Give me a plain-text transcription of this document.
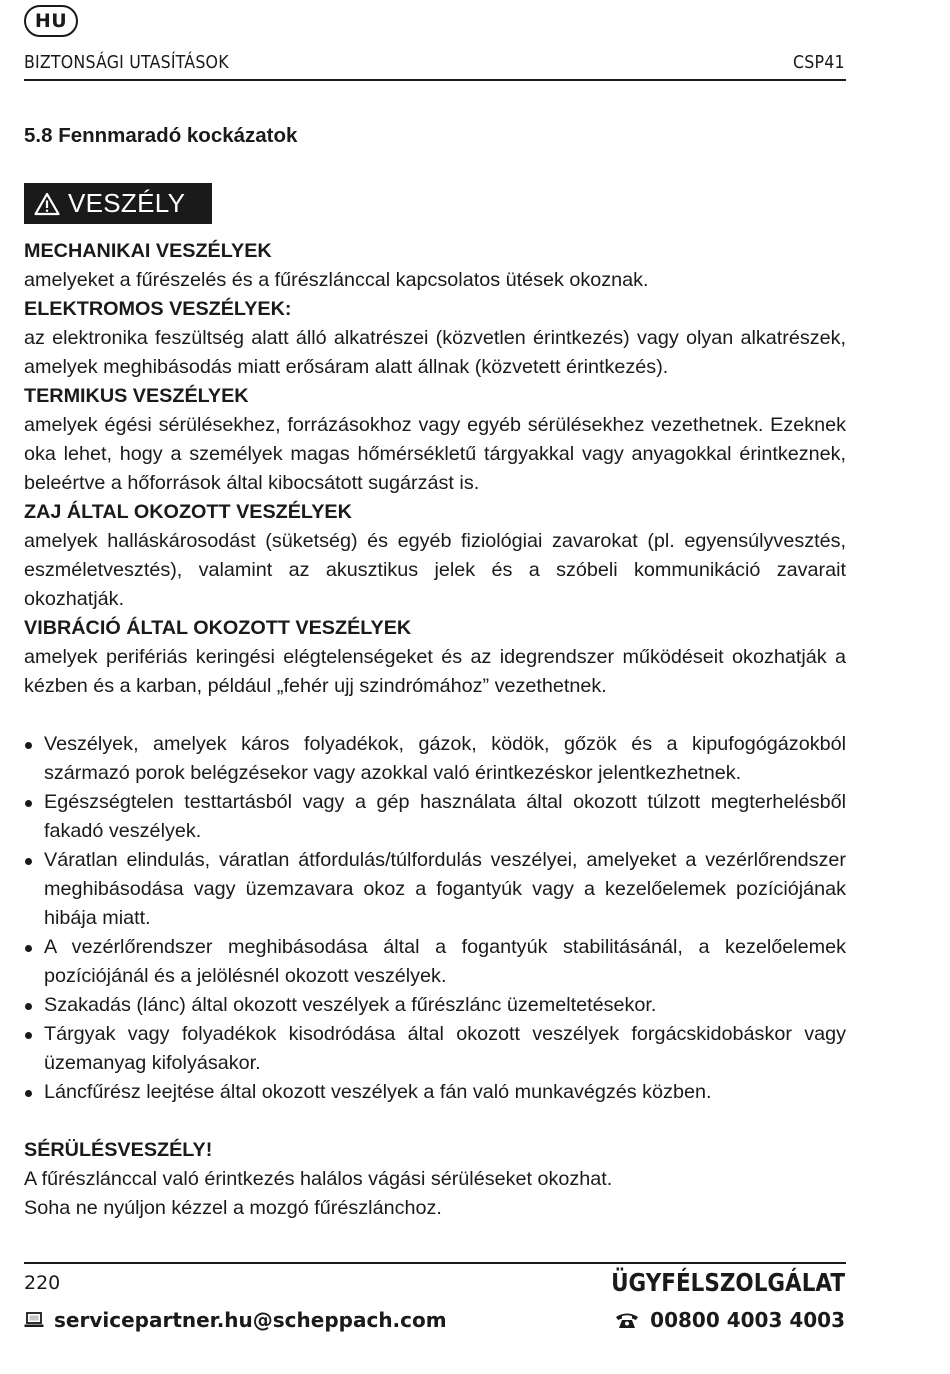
HU
BIZTONSÁGI UTASÍTÁSOK	CSP41
5.8 Fennmaradó kockázatok
VESZÉLY

MECHANIKAI VESZÉLYEK

amelyeket a fűrészelés és a fűrészlánccal kapcsolatos ütések okoznak.

ELEKTROMOS VESZÉLYEK:

az elektronika feszültség alatt álló alkatrészei (közvetlen érintkezés) vagy olyan alkatrészek, amelyek meghibásodás miatt erősáram alatt állnak (közvetett érintkezés).

TERMIKUS VESZÉLYEK

amelyek égési sérülésekhez, forrázásokhoz vagy egyéb sérülésekhez vezethetnek. Ezeknek oka lehet, hogy a személyek magas hőmérsékletű tárgyakkal vagy anyagokkal érintkeznek, beleértve a hőforrások által kibocsátott sugárzást is.

ZAJ ÁLTAL OKOZOTT VESZÉLYEK

amelyek halláskárosodást (süketség) és egyéb fiziológiai zavarokat (pl. egyensúlyvesztés, eszméletvesztés), valamint az akusztikus jelek és a szóbeli kommunikáció zavarait okozhatják.

VIBRÁCIÓ ÁLTAL OKOZOTT VESZÉLYEK

amelyek perifériás keringési elégtelenségeket és az idegrendszer működéseit okozhatják a kézben és a karban, például „fehér ujj szindrómához” vezethetnek.

Veszélyek, amelyek káros folyadékok, gázok, ködök, gőzök és a kipufogógázokból származó porok belégzésekor vagy azokkal való érintkezéskor jelentkezhetnek.
Egészségtelen testtartásból vagy a gép használata által okozott túlzott megterhelésből fakadó veszélyek.
Váratlan elindulás, váratlan átfordulás/túlfordulás veszélyei, amelyeket a vezérlőrendszer meghibásodása vagy üzemzavara okoz a fogantyúk vagy a kezelőelemek pozíciójának hibája miatt.
A vezérlőrendszer meghibásodása által a fogantyúk stabilitásánál, a kezelőelemek pozíciójánál és a jelölésnél okozott veszélyek.
Szakadás (lánc) által okozott veszélyek a fűrészlánc üzemeltetésekor.
Tárgyak vagy folyadékok kisodródása által okozott veszélyek forgácskidobáskor vagy üzemanyag kifolyásakor.
Láncfűrész leejtése által okozott veszélyek a fán való munkavégzés közben.

SÉRÜLÉSVESZÉLY!

A fűrészlánccal való érintkezés halálos vágási sérüléseket okozhat.

Soha ne nyúljon kézzel a mozgó fűrészlánchoz.

220	ÜGYFÉLSZOLGÁLAT
servicepartner.hu@scheppach.com	00800 4003 4003
